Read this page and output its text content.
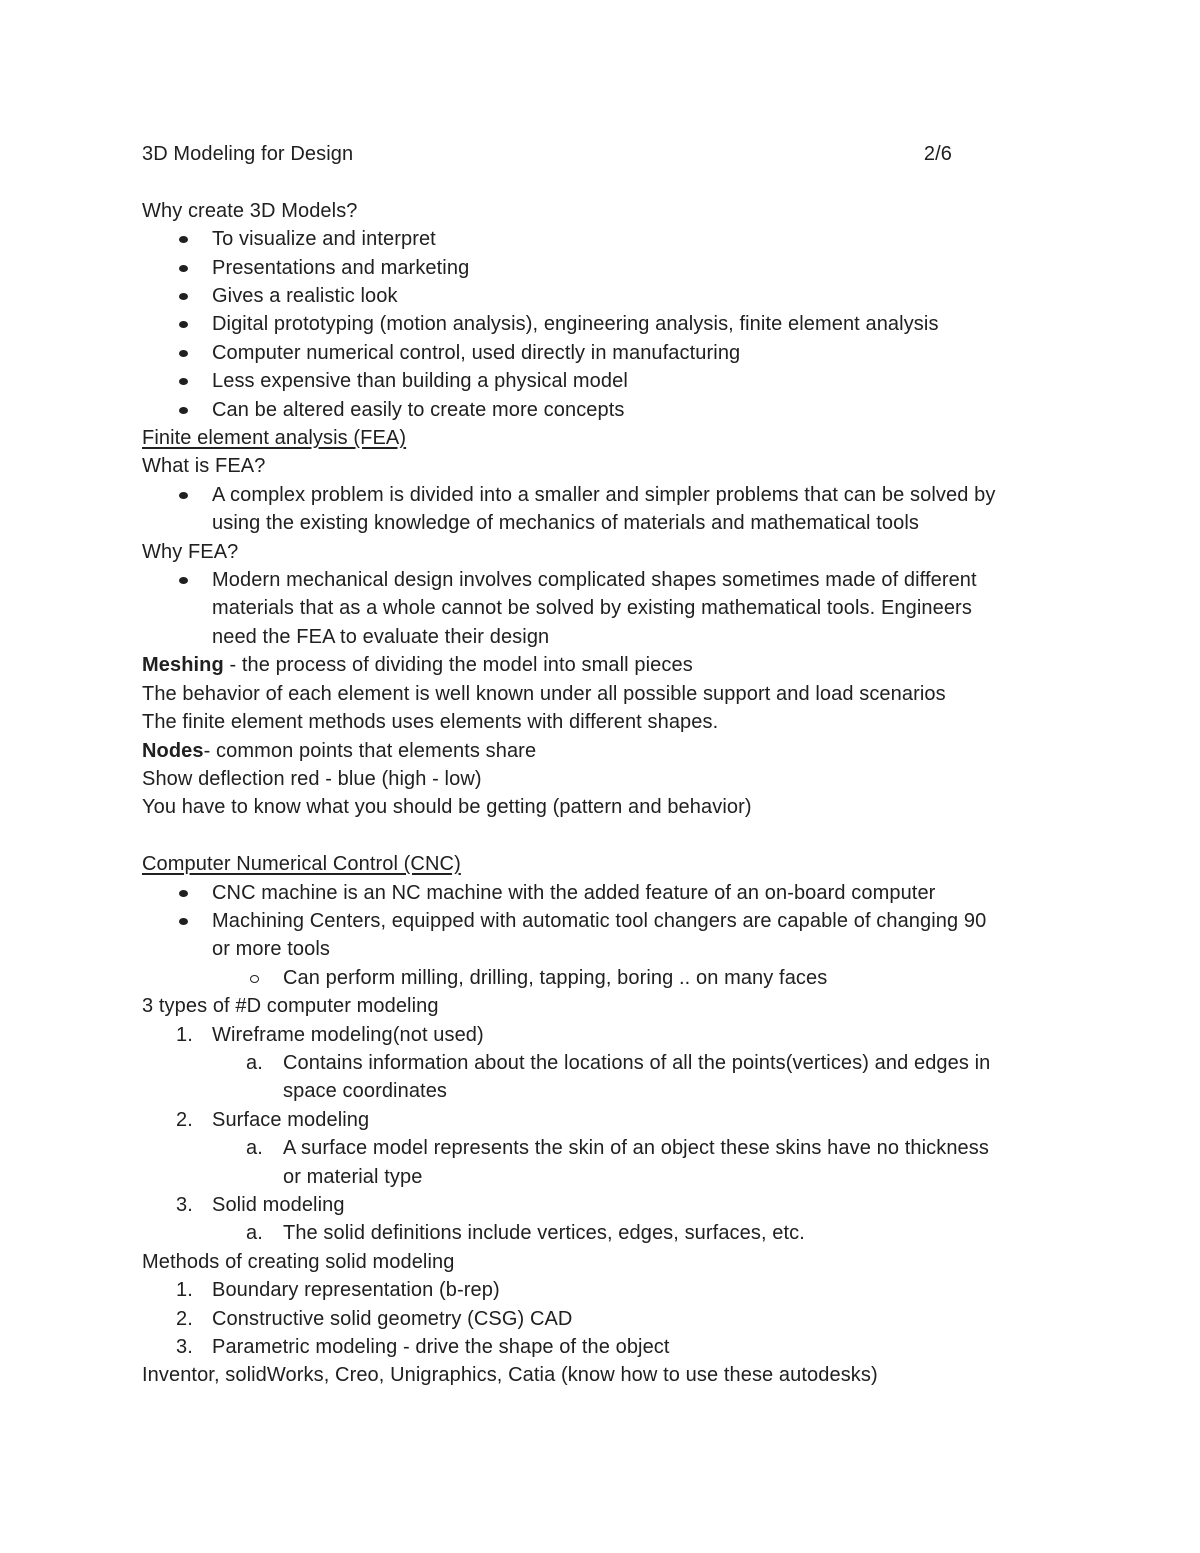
3D Modeling for Design	2/6
Why create 3D Models?
To visualize and interpret
Presentations and marketing
Gives a realistic look
Digital prototyping (motion analysis), engineering analysis, finite element analysis
Computer numerical control, used directly in manufacturing
Less expensive than building a physical model
Can be altered easily to create more concepts
Finite element analysis (FEA)
What is FEA?
A complex problem is divided into a smaller and simpler problems that can be solved by
using the existing knowledge of mechanics of materials and mathematical tools
Why FEA?
Modern mechanical design involves complicated shapes sometimes made of different
materials that as a whole cannot be solved by existing mathematical tools. Engineers
need the FEA to evaluate their design
Meshing - the process of dividing the model into small pieces
The behavior of each element is well known under all possible support and load scenarios
The finite element methods uses elements with different shapes.
Nodes- common points that elements share
Show deflection red - blue (high - low)
You have to know what you should be getting (pattern and behavior)
Computer Numerical Control (CNC)
CNC machine is an NC machine with the added feature of an on-board computer
Machining Centers, equipped with automatic tool changers are capable of changing 90
or more tools
Can perform milling, drilling, tapping, boring .. on many faces
3 types of #D computer modeling
1. Wireframe modeling(not used)
a. Contains information about the locations of all the points(vertices) and edges in
space coordinates
2. Surface modeling
a. A surface model represents the skin of an object these skins have no thickness
or material type
3. Solid modeling
a. The solid definitions include vertices, edges, surfaces, etc.
Methods of creating solid modeling
1. Boundary representation (b-rep)
2. Constructive solid geometry (CSG) CAD
3. Parametric modeling - drive the shape of the object
Inventor, solidWorks, Creo, Unigraphics, Catia (know how to use these autodesks)
